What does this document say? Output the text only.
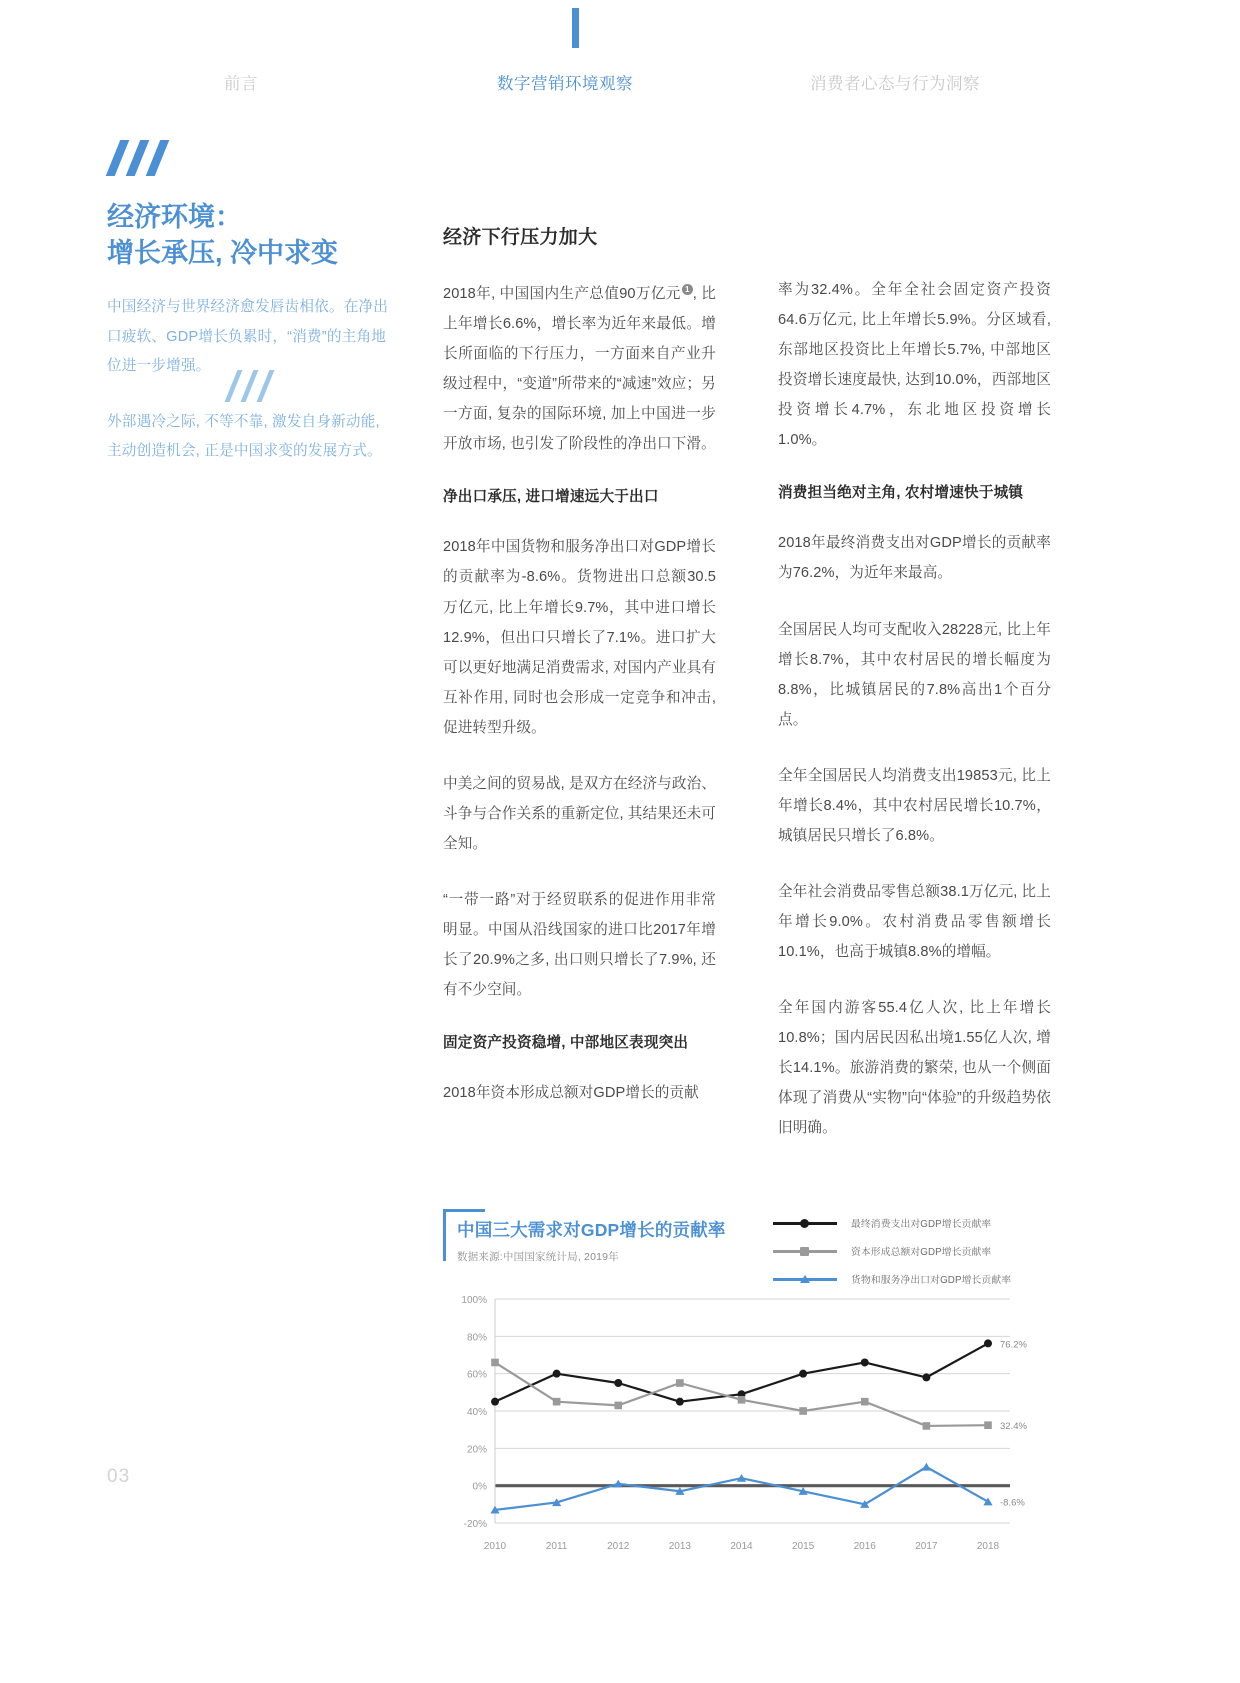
前言	数字营销环境观察	消费者心态与行为洞察
经济环境：
增长承压, 冷中求变

中国经济与世界经济愈发唇齿相依。在净出口疲软、GDP增长负累时，“消费”的主角地位进一步增强。

外部遇冷之际, 不等不靠, 激发自身新动能, 主动创造机会, 正是中国求变的发展方式。

经济下行压力加大

2018年, 中国国内生产总值90万亿元 $^1$ , 比上年增长6.6%，增长率为近年来最低。增长所面临的下行压力，一方面来自产业升级过程中，“变道”所带来的“减速”效应；另一方面, 复杂的国际环境, 加上中国进一步开放市场, 也引发了阶段性的净出口下滑。

净出口承压, 进口增速远大于出口

2018年中国货物和服务净出口对GDP增长的贡献率为-8.6%。货物进出口总额30.5万亿元, 比上年增长9.7%，其中进口增长12.9%，但出口只增长了7.1%。进口扩大可以更好地满足消费需求, 对国内产业具有互补作用, 同时也会形成一定竞争和冲击, 促进转型升级。

中美之间的贸易战, 是双方在经济与政治、斗争与合作关系的重新定位, 其结果还未可全知。

“一带一路”对于经贸联系的促进作用非常明显。中国从沿线国家的进口比2017年增长了20.9%之多, 出口则只增长了7.9%, 还有不少空间。

固定资产投资稳增, 中部地区表现突出

2018年资本形成总额对GDP增长的贡献

率为32.4%。全年全社会固定资产投资64.6万亿元, 比上年增长5.9%。分区域看, 东部地区投资比上年增长5.7%, 中部地区投资增长速度最快, 达到10.0%，西部地区投资增长4.7%，东北地区投资增长1.0%。

消费担当绝对主角, 农村增速快于城镇

2018年最终消费支出对GDP增长的贡献率为76.2%，为近年来最高。

全国居民人均可支配收入28228元, 比上年增长8.7%，其中农村居民的增长幅度为8.8%，比城镇居民的7.8%高出1个百分点。

全年全国居民人均消费支出19853元, 比上年增长8.4%，其中农村居民增长10.7%，城镇居民只增长了6.8%。

全年社会消费品零售总额38.1万亿元, 比上年增长9.0%。农村消费品零售额增长10.1%，也高于城镇8.8%的增幅。

全年国内游客55.4亿人次, 比上年增长10.8%；国内居民因私出境1.55亿人次, 增长14.1%。旅游消费的繁荣, 也从一个侧面体现了消费从“实物”向“体验”的升级趋势依旧明确。

中国三大需求对GDP增长的贡献率
数据来源:中国国家统计局, 2019年
最终消费支出对GDP增长贡献率
资本形成总额对GDP增长贡献率
货物和服务净出口对GDP增长贡献率
-20%
0%
20%
40%
60%
80%
100%
2010	2011	2012	2013	2014	2015	2016	2017	2018
76.2%
32.4%
-8.6%
03
